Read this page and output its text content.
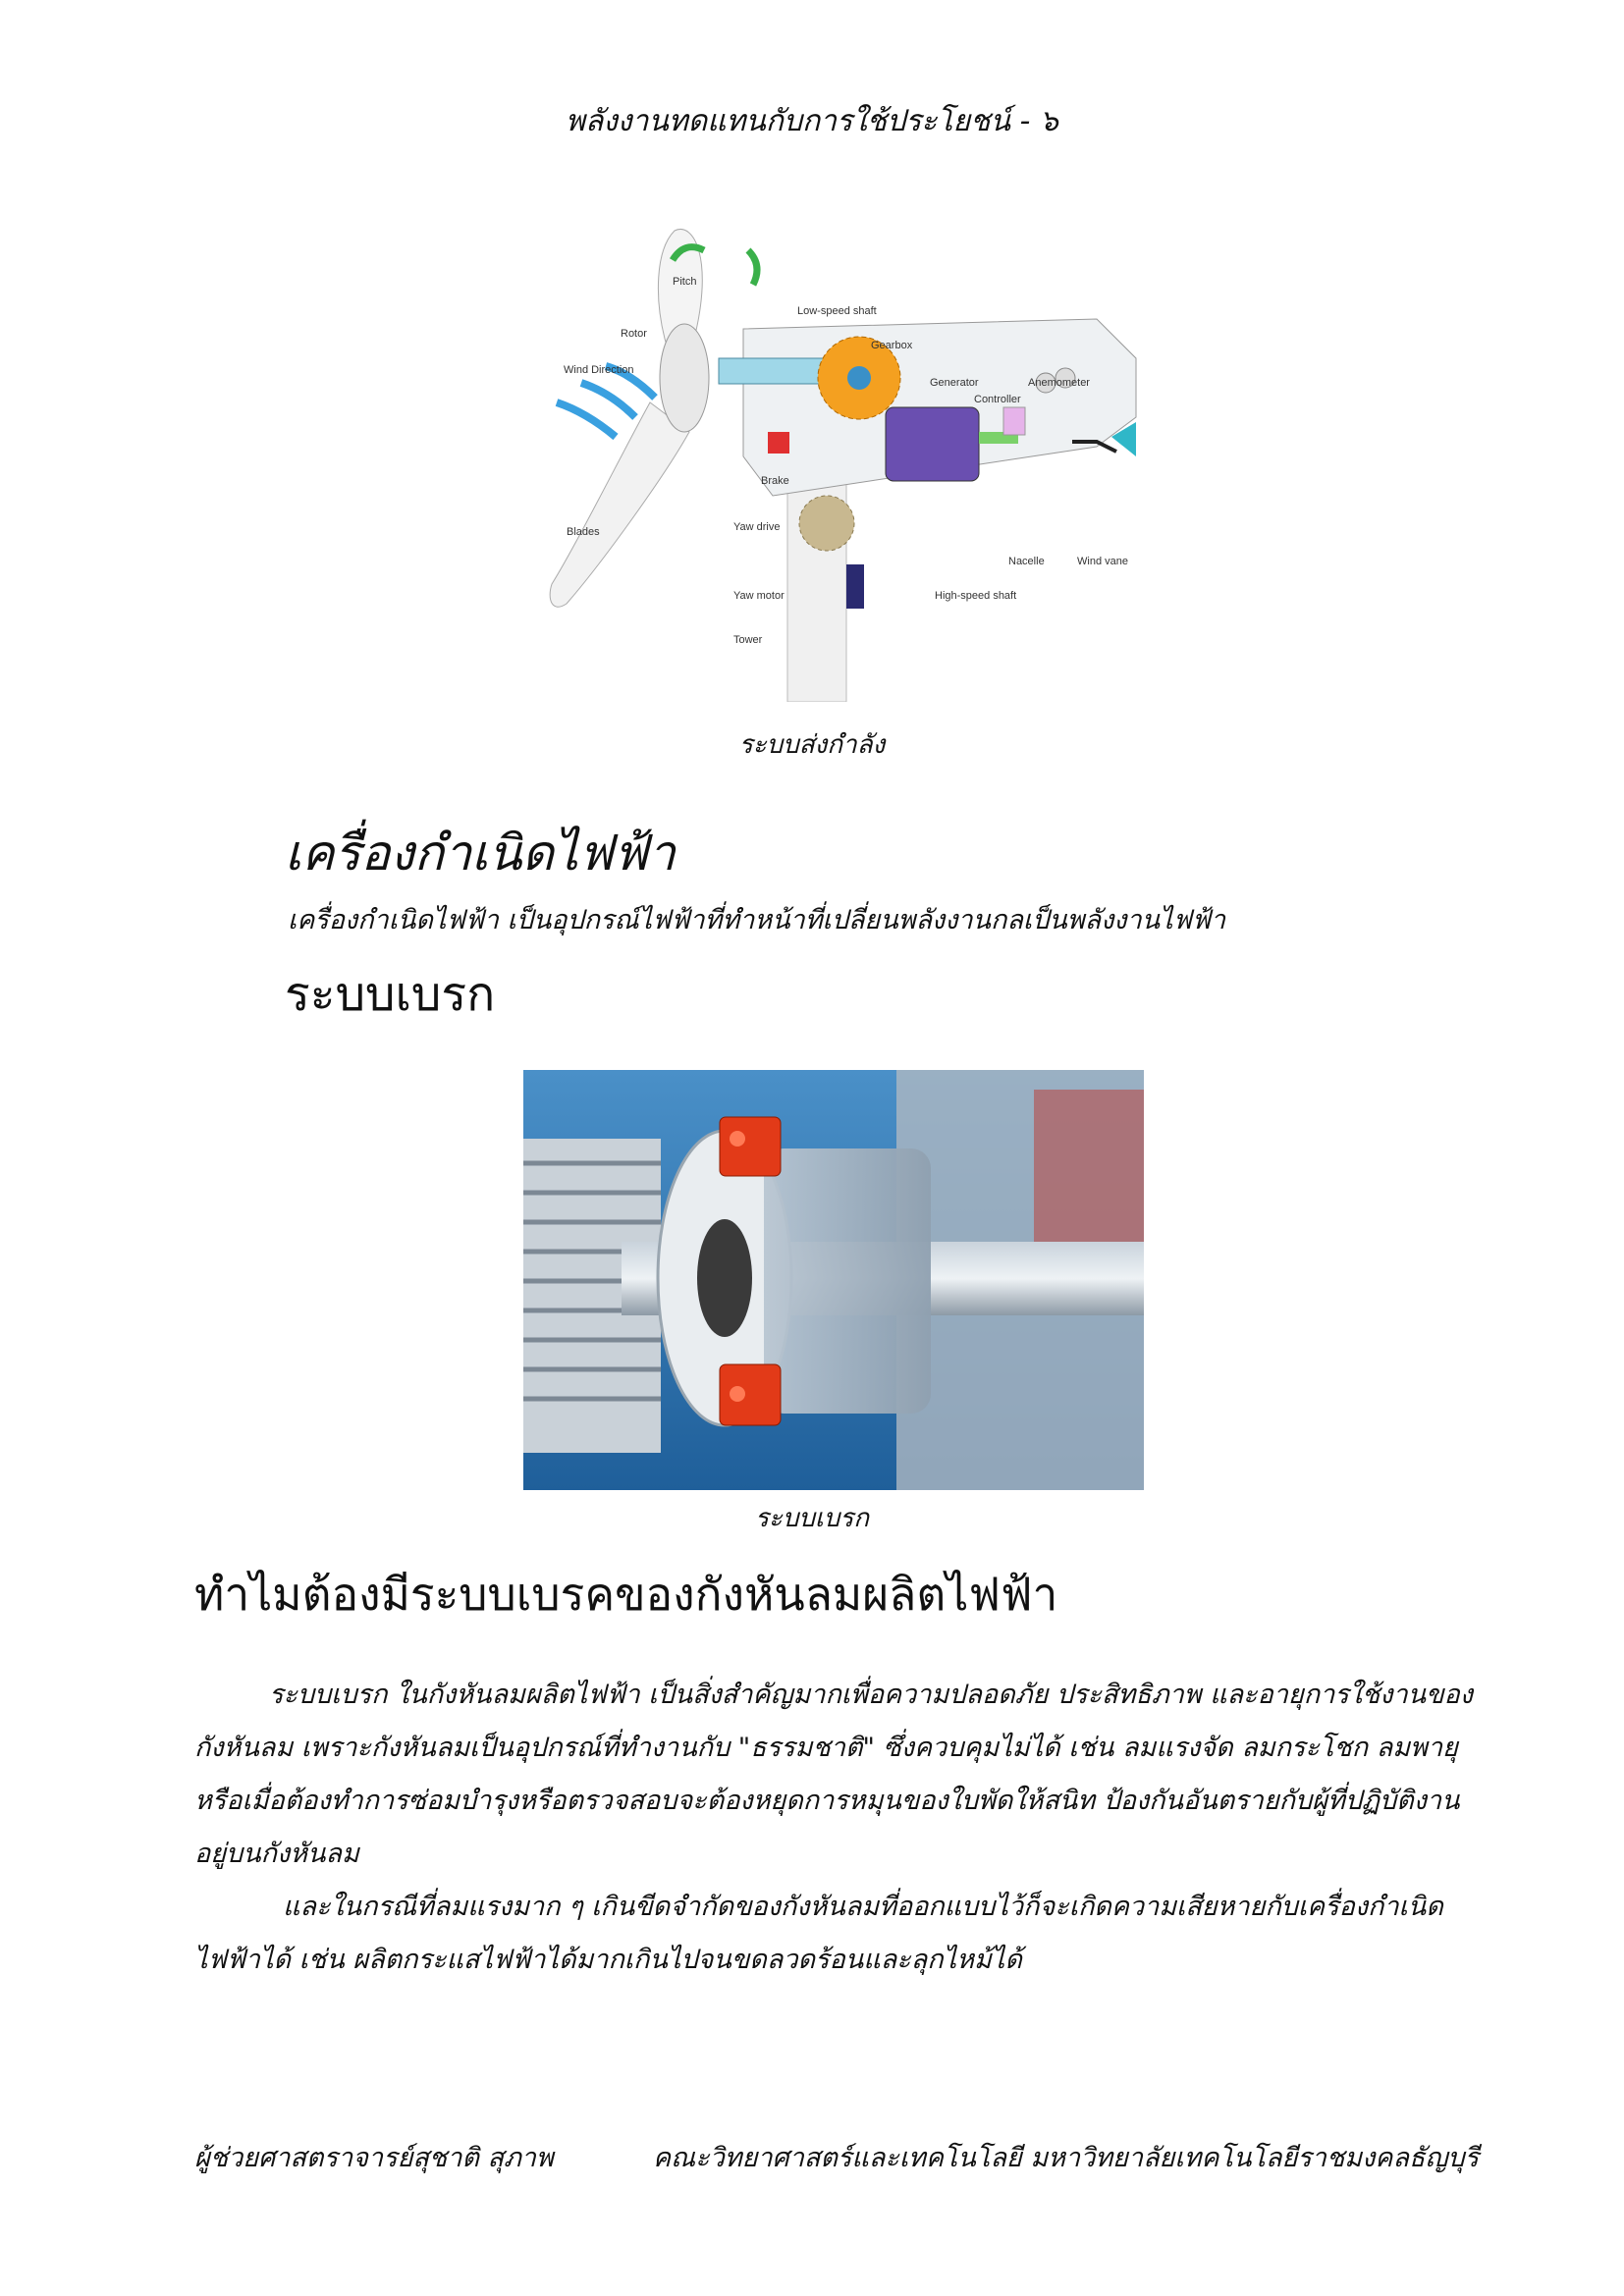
พลังงานทดแทนกับการใช้ประโยชน์ - ๖
Pitch
Low-speed shaft
Rotor
Gearbox
Wind Direction
Generator	Anemometer
Controller
Brake
Yaw drive
Blades
Nacelle	Wind vane
Yaw motor	High-speed shaft
Tower
ระบบส่งกำลัง
เครื่องกำเนิดไฟฟ้า

เครื่องกำเนิดไฟฟ้า เป็นอุปกรณ์ไฟฟ้าที่ทำหน้าที่เปลี่ยนพลังงานกลเป็นพลังงานไฟฟ้า

ระบบเบรก
ระบบเบรก
ทำไมต้องมีระบบเบรคของกังหันลมผลิตไฟฟ้า

ระบบเบรก ในกังหันลมผลิตไฟฟ้า เป็นสิ่งสำคัญมากเพื่อความปลอดภัย ประสิทธิภาพ และอายุการใช้งานของกังหันลม เพราะกังหันลมเป็นอุปกรณ์ที่ทำงานกับ "ธรรมชาติ" ซึ่งควบคุมไม่ได้ เช่น ลมแรงจัด ลมกระโชก ลมพายุหรือเมื่อต้องทำการซ่อมบำรุงหรือตรวจสอบจะต้องหยุดการหมุนของใบพัดให้สนิท ป้องกันอันตรายกับผู้ที่ปฏิบัติงานอยู่บนกังหันลม

และในกรณีที่ลมแรงมาก ๆ เกินขีดจำกัดของกังหันลมที่ออกแบบไว้ก็จะเกิดความเสียหายกับเครื่องกำเนิดไฟฟ้าได้ เช่น ผลิตกระแสไฟฟ้าได้มากเกินไปจนขดลวดร้อนและลุกไหม้ได้

ผู้ช่วยศาสตราจารย์สุชาติ สุภาพ	คณะวิทยาศาสตร์และเทคโนโลยี มหาวิทยาลัยเทคโนโลยีราชมงคลธัญบุรี
